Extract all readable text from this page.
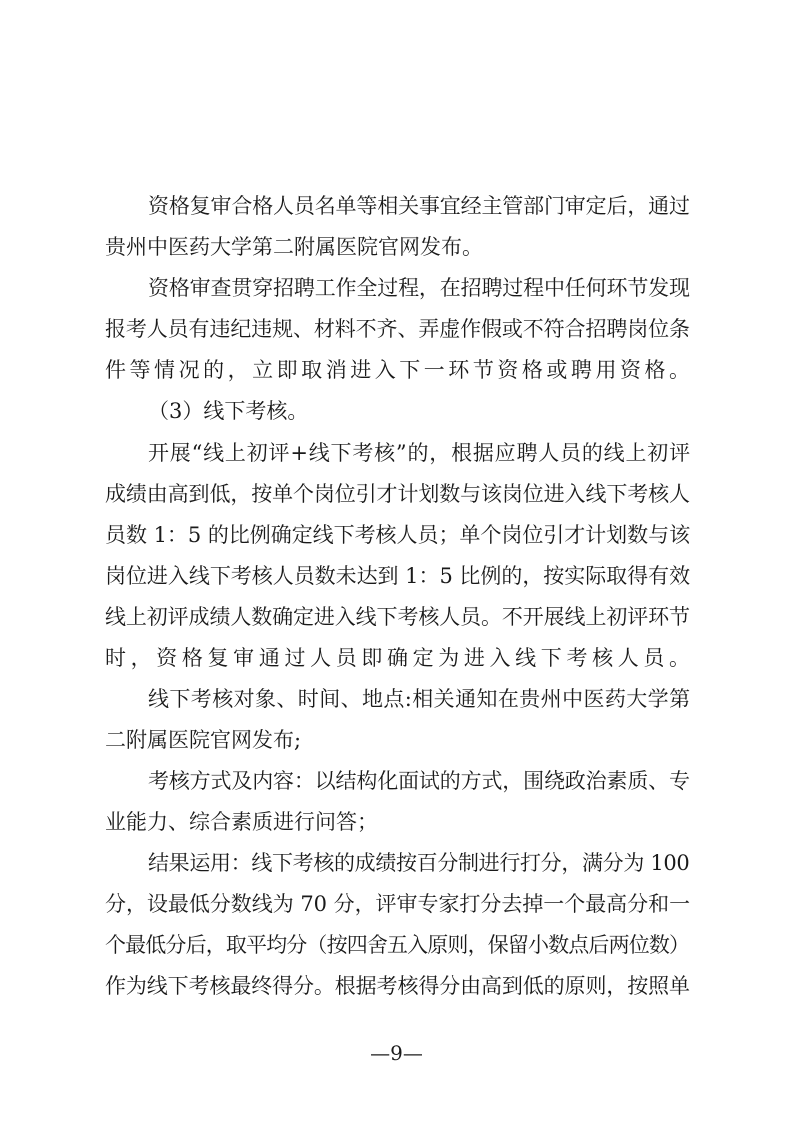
资格复审合格人员名单等相关事宜经主管部门审定后，通过
贵州中医药大学第二附属医院官网发布。
资格审查贯穿招聘工作全过程，在招聘过程中任何环节发现
报考人员有违纪违规、材料不齐、弄虚作假或不符合招聘岗位条
件等情况的，立即取消进入下一环节资格或聘用资格。
（3）线下考核。
开展“线上初评+线下考核”的，根据应聘人员的线上初评
成绩由高到低，按单个岗位引才计划数与该岗位进入线下考核人
员数 1：5 的比例确定线下考核人员；单个岗位引才计划数与该
岗位进入线下考核人员数未达到 1：5 比例的，按实际取得有效
线上初评成绩人数确定进入线下考核人员。不开展线上初评环节
时，资格复审通过人员即确定为进入线下考核人员。
线下考核对象、时间、地点:相关通知在贵州中医药大学第
二附属医院官网发布;
考核方式及内容：以结构化面试的方式，围绕政治素质、专
业能力、综合素质进行问答；
结果运用：线下考核的成绩按百分制进行打分，满分为 100
分，设最低分数线为 70 分，评审专家打分去掉一个最高分和一
个最低分后，取平均分（按四舍五入原则，保留小数点后两位数）
作为线下考核最终得分。根据考核得分由高到低的原则，按照单
—9—
